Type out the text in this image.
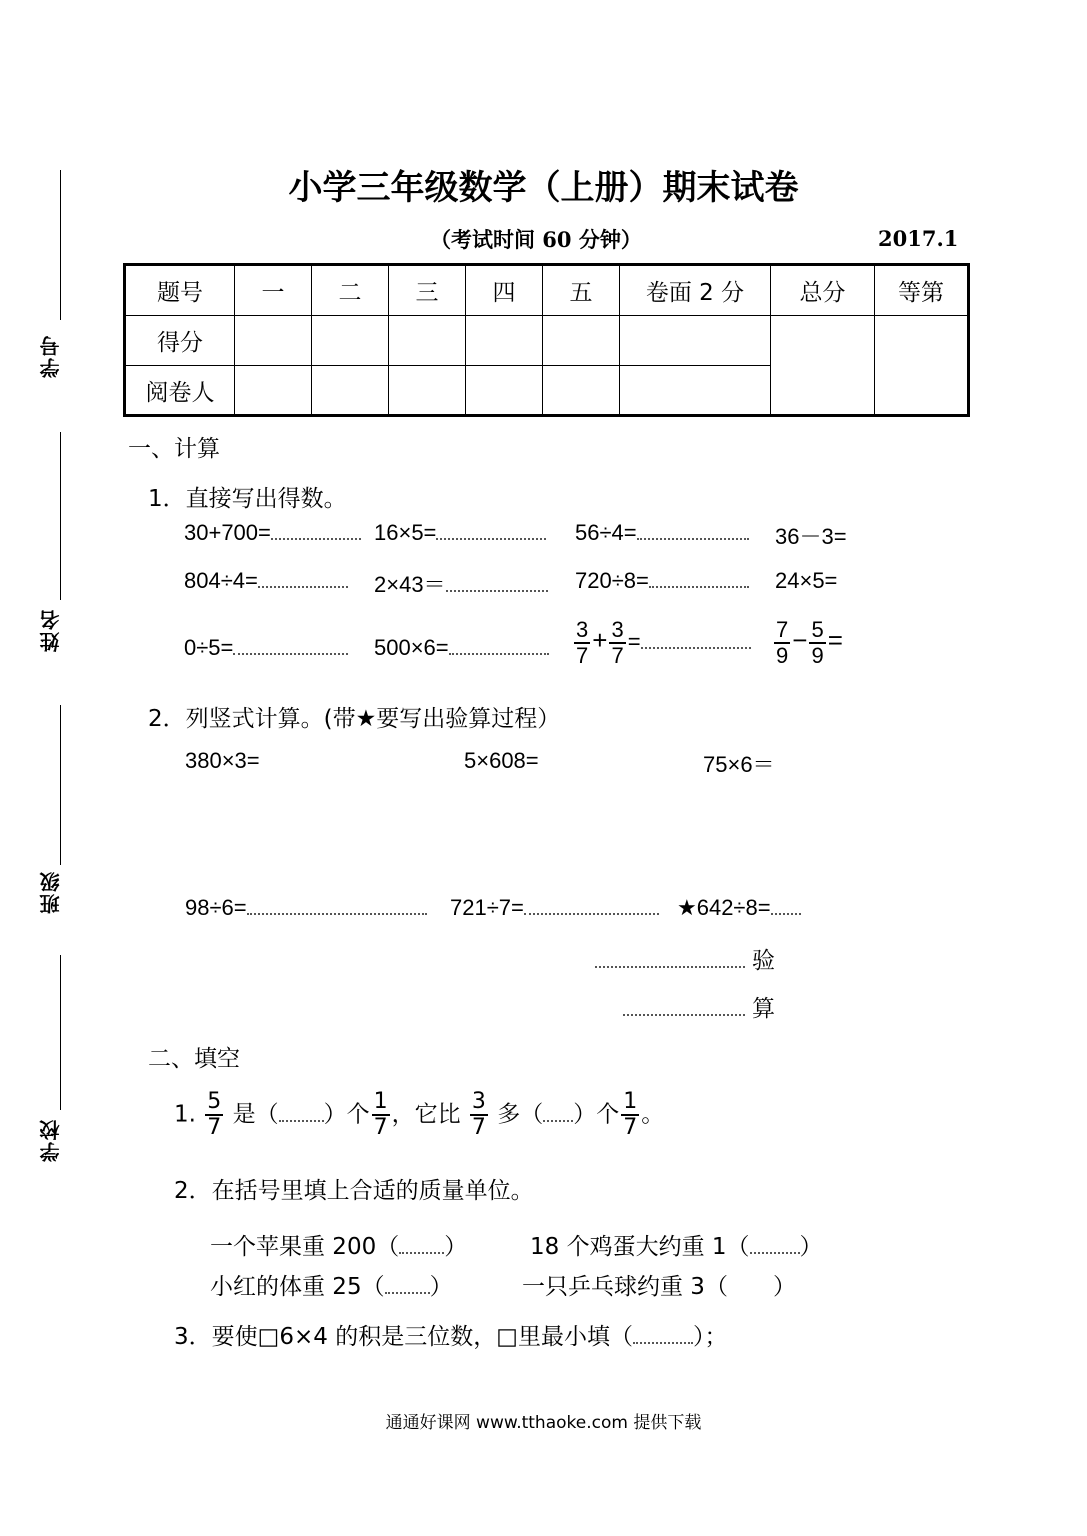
学号
姓名
班级
学校
小学三年级数学（上册）期末试卷
（考试时间 60 分钟）	2017.1
题号	一	二	三	四	五	卷面 2 分	总分	等第
得分								
阅卷人								
一、计算
1．直接写出得数。
30+700=	16×5=	56÷4=	36－3=
804÷4=	2×43＝	720÷8=	24×5=
0÷5=	500×6=	$\frac{3}{7} + \frac{3}{7}$ =	$\frac{7}{9} - \frac{5}{9}$ =
2．列竖式计算。(带★要写出验算过程）
380×3=	5×608=	75×6＝
98÷6=	721÷7=	★642÷8=
验
算
二、填空
1. $\frac{5}{7}$ 是（ ）个 $\frac{1}{7}$ ，它比 $\frac{3}{7}$ 多（ ）个 $\frac{1}{7}$ 。
2．在括号里填上合适的质量单位。
一个苹果重 200（ ）	18 个鸡蛋大约重 1（ ）
小红的体重 25（ ）	一只乒乓球约重 3（ ）
3．要使□6×4 的积是三位数，□里最小填（	）；
通通好课网 www.tthaoke.com 提供下载
